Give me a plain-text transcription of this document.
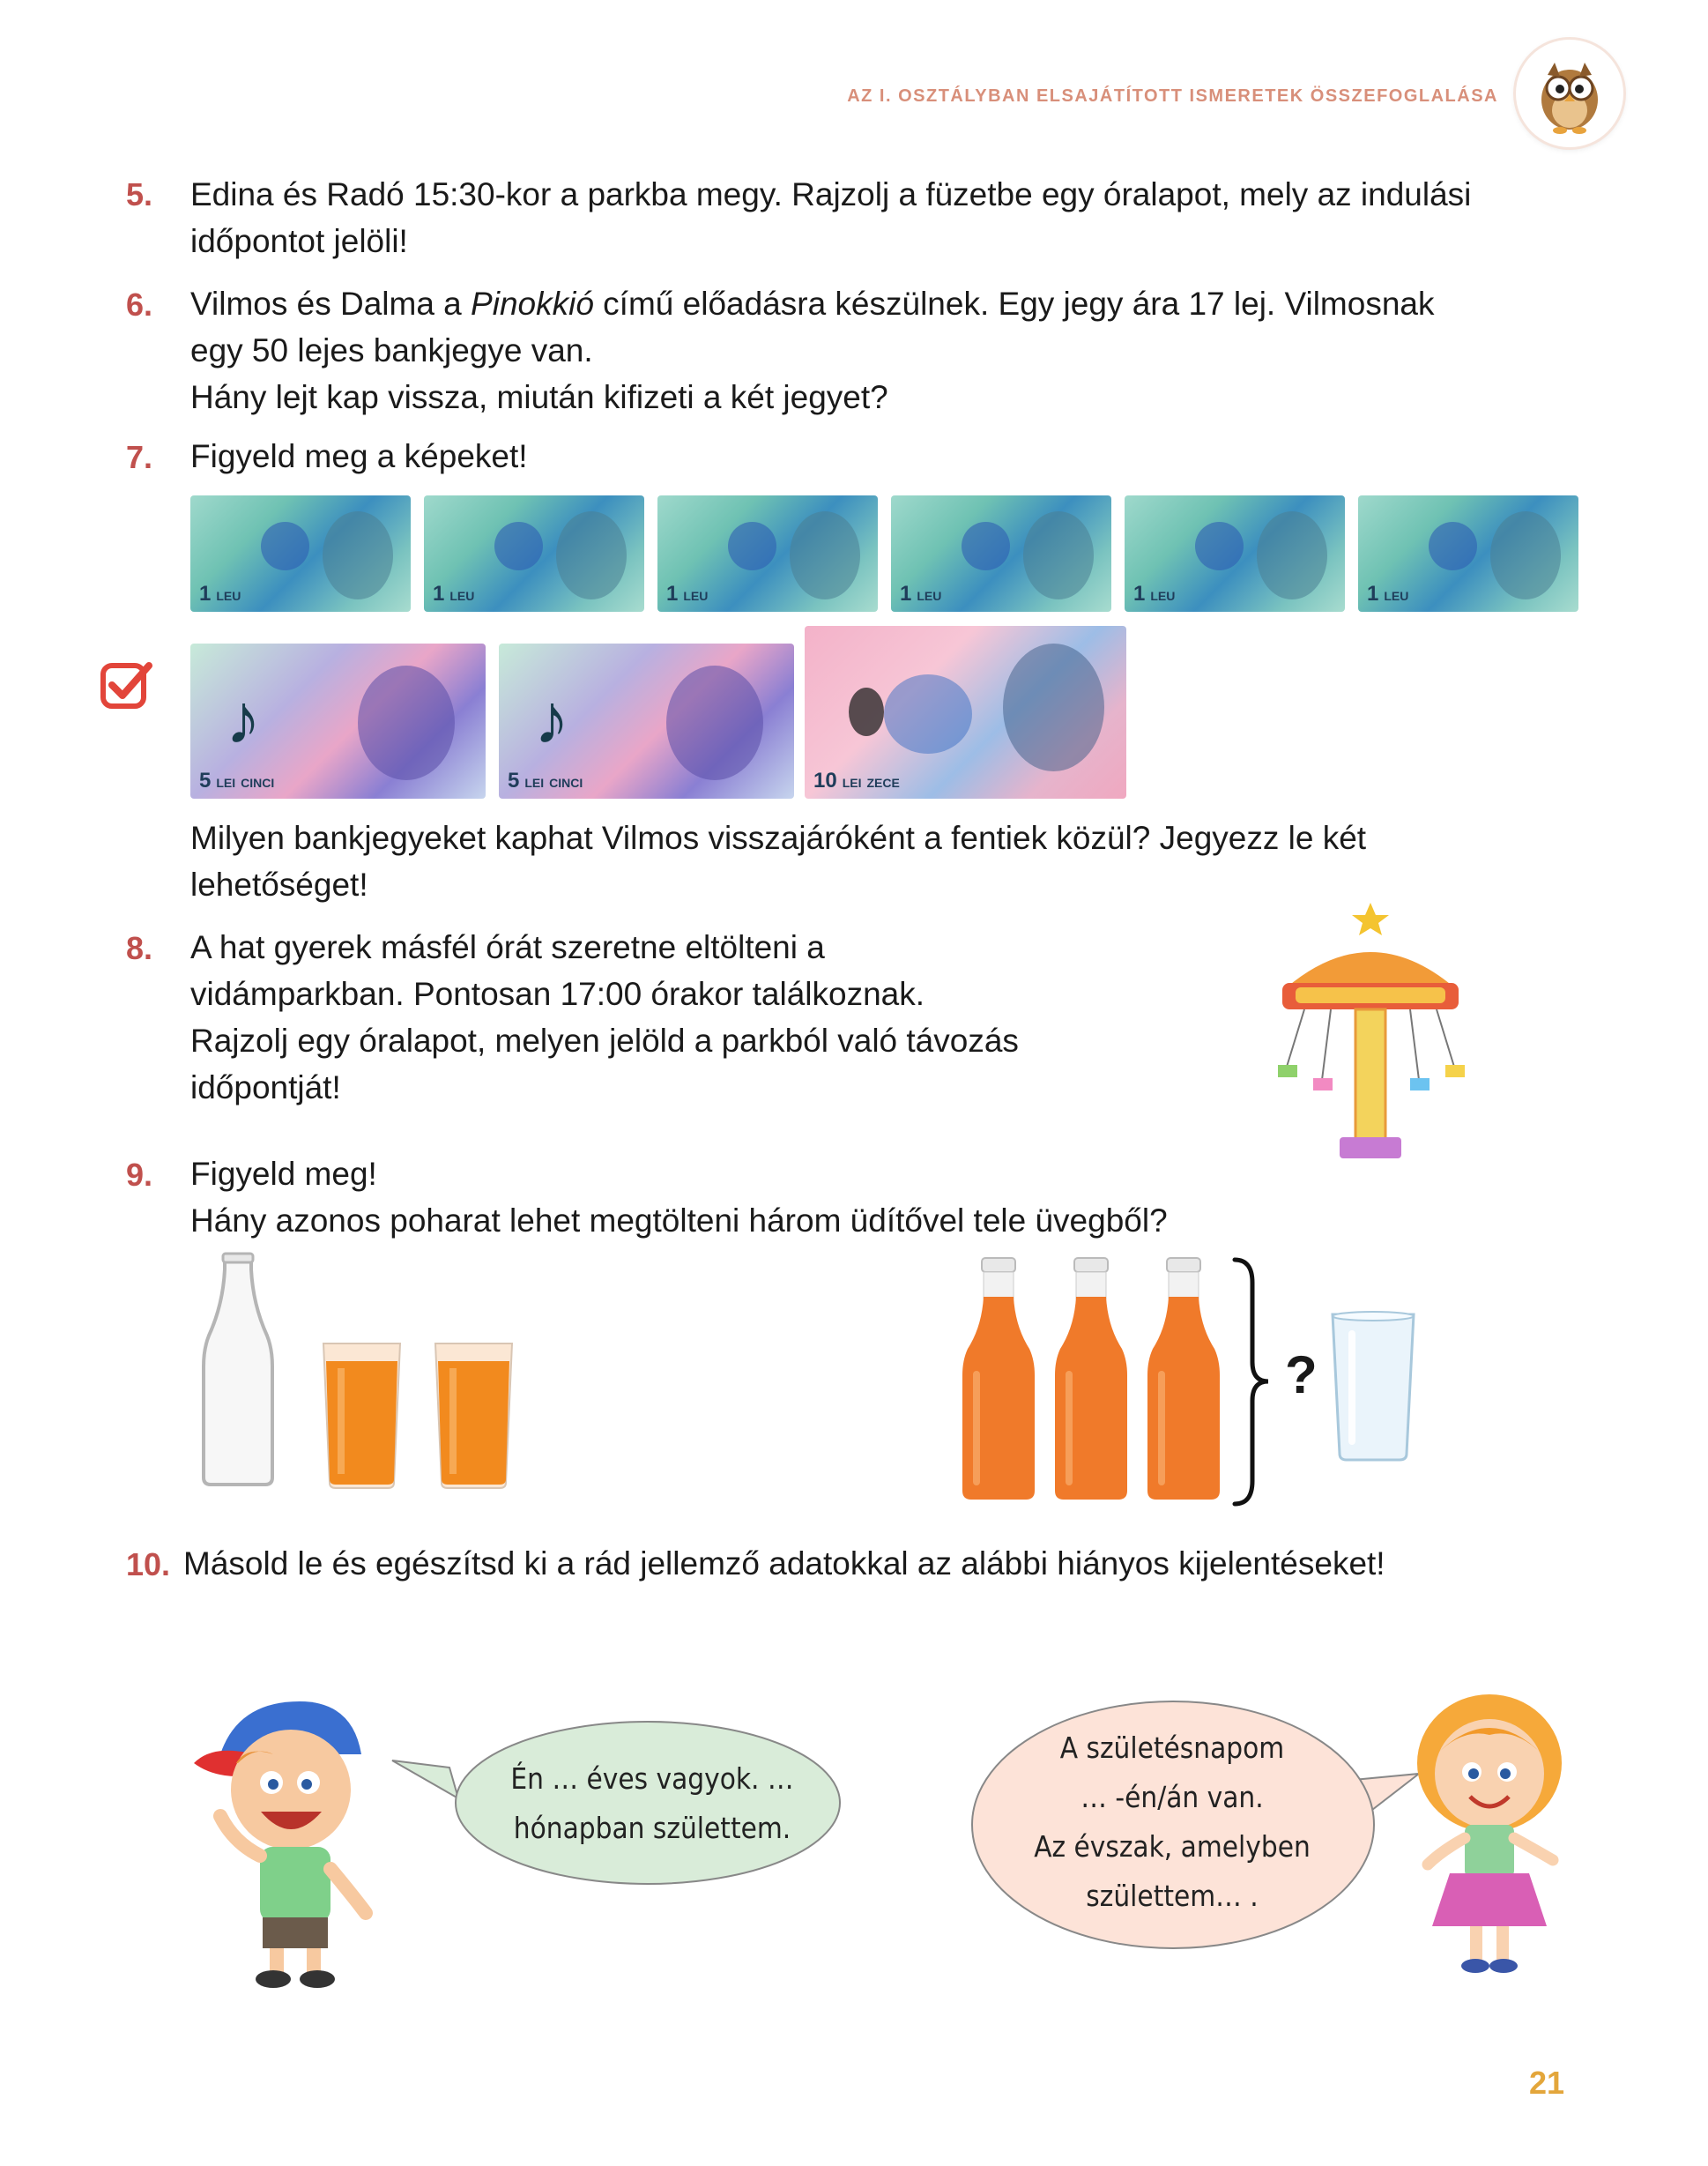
AZ I. OSZTÁLYBAN ELSAJÁTÍTOTT ISMERETEK ÖSSZEFOGLALÁSA
5. Edina és Radó 15:30-kor a parkba megy. Rajzolj a füzetbe egy óralapot, mely az indulási
időpontot jelöli!
6. Vilmos és Dalma a Pinokkió című előadásra készülnek. Egy jegy ára 17 lej. Vilmosnak
egy 50 lejes bankjegye van.
Hány lejt kap vissza, miután kifizeti a két jegyet?
7. Figyeld meg a képeket!
1 LEU	1 LEU	1 LEU	1 LEU	1 LEU	1 LEU
♪
5 LEI CINCI
♪
5 LEI CINCI	10 LEI ZECE
Milyen bankjegyeket kaphat Vilmos visszajáróként a fentiek közül? Jegyezz le két
lehetőséget!
8. A hat gyerek másfél órát szeretne eltölteni a
vidámparkban. Pontosan 17:00 órakor találkoznak.
Rajzolj egy óralapot, melyen jelöld a parkból való távozás
időpontját!
9. Figyeld meg!
Hány azonos poharat lehet megtölteni három üdítővel tele üvegből?
?
10. Másold le és egészítsd ki a rád jellemző adatokkal az alábbi hiányos kijelentéseket!
Én … éves vagyok. …
hónapban születtem.
A születésnapom
… -én/án van.
Az évszak, amelyben
születtem… .
21
